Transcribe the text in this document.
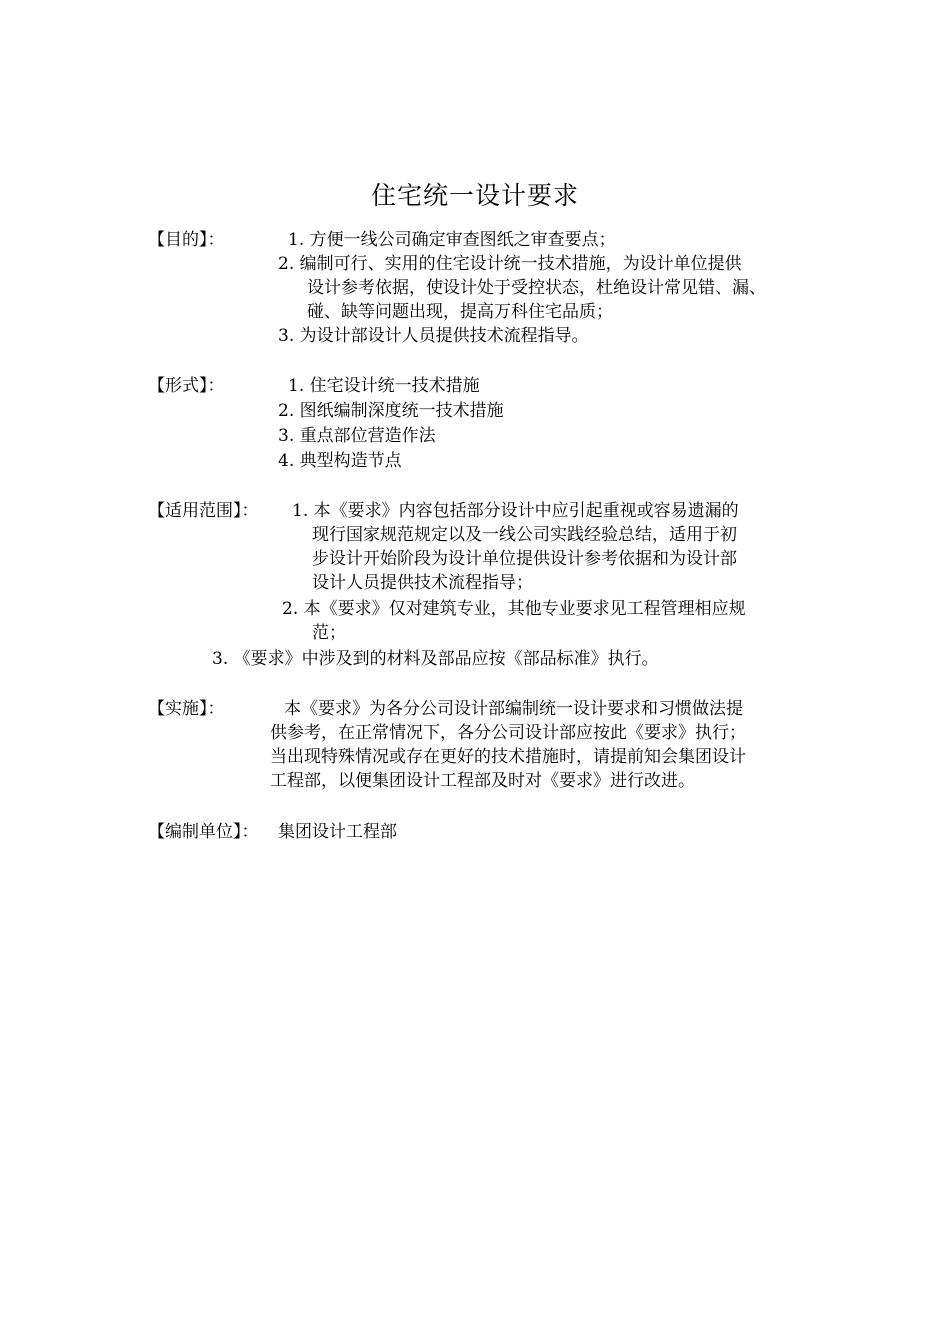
住宅统一设计要求
【目的】：	1. 方便一线公司确定审查图纸之审查要点；
2. 编制可行、实用的住宅设计统一技术措施，为设计单位提供
设计参考依据，使设计处于受控状态，杜绝设计常见错、漏、
碰、缺等问题出现，提高万科住宅品质；
3. 为设计部设计人员提供技术流程指导。
【形式】：	1. 住宅设计统一技术措施
2. 图纸编制深度统一技术措施
3. 重点部位营造作法
4. 典型构造节点
【适用范围】： 1. 本《要求》内容包括部分设计中应引起重视或容易遗漏的
现行国家规范规定以及一线公司实践经验总结，适用于初
步设计开始阶段为设计单位提供设计参考依据和为设计部
设计人员提供技术流程指导；
2. 本《要求》仅对建筑专业，其他专业要求见工程管理相应规
范；
3. 《要求》中涉及到的材料及部品应按《部品标准》执行。
【实施】：	本《要求》为各分公司设计部编制统一设计要求和习惯做法提
供参考，在正常情况下，各分公司设计部应按此《要求》执行；
当出现特殊情况或存在更好的技术措施时，请提前知会集团设计
工程部，以便集团设计工程部及时对《要求》进行改进。
【编制单位】： 集团设计工程部
